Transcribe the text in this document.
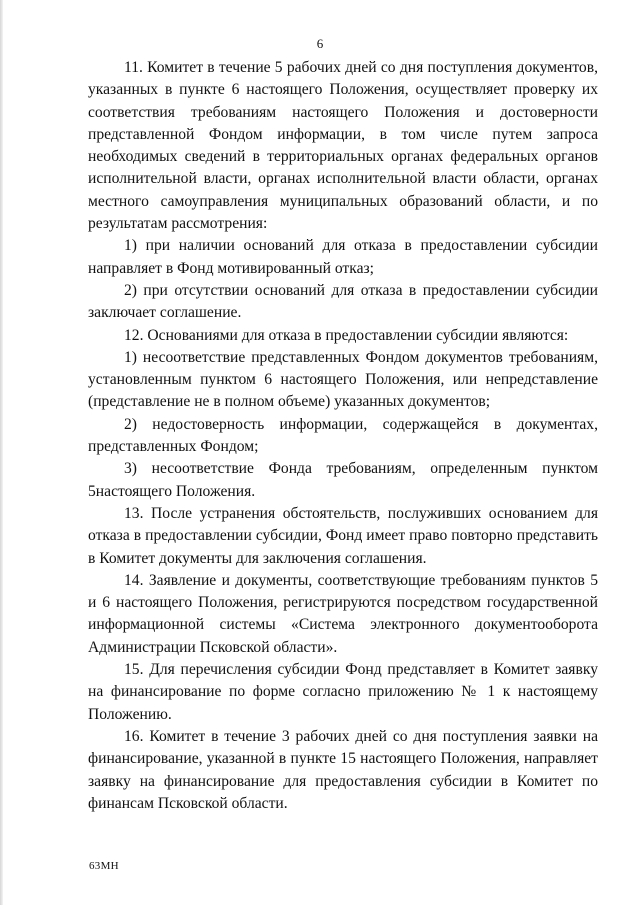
6

11. Комитет в течение 5 рабочих дней со дня поступления документов, указанных в пункте 6 настоящего Положения, осуществляет проверку их соответствия требованиям настоящего Положения и достоверности представленной Фондом информации, в том числе путем запроса необходимых сведений в территориальных органах федеральных органов исполнительной власти, органах исполнительной власти области, органах местного самоуправления муниципальных образований области, и по результатам рассмотрения:

1) при наличии оснований для отказа в предоставлении субсидии направляет в Фонд мотивированный отказ;

2) при отсутствии оснований для отказа в предоставлении субсидии заключает соглашение.

12. Основаниями для отказа в предоставлении субсидии являются:

1) несоответствие представленных Фондом документов требованиям, установленным пунктом 6 настоящего Положения, или непредставление (представление не в полном объеме) указанных документов;

2) недостоверность информации, содержащейся в документах, представленных Фондом;

3) несоответствие Фонда требованиям, определенным пунктом 5настоящего Положения.

13. После устранения обстоятельств, послуживших основанием для отказа в предоставлении субсидии, Фонд имеет право повторно представить в Комитет документы для заключения соглашения.

14. Заявление и документы, соответствующие требованиям пунктов 5 и 6 настоящего Положения, регистрируются посредством государственной информационной системы «Система электронного документооборота Администрации Псковской области».

15. Для перечисления субсидии Фонд представляет в Комитет заявку на финансирование по форме согласно приложению № 1 к настоящему Положению.

16. Комитет в течение 3 рабочих дней со дня поступления заявки на финансирование, указанной в пункте 15 настоящего Положения, направляет заявку на финансирование для предоставления субсидии в Комитет по финансам Псковской области.

63МН
